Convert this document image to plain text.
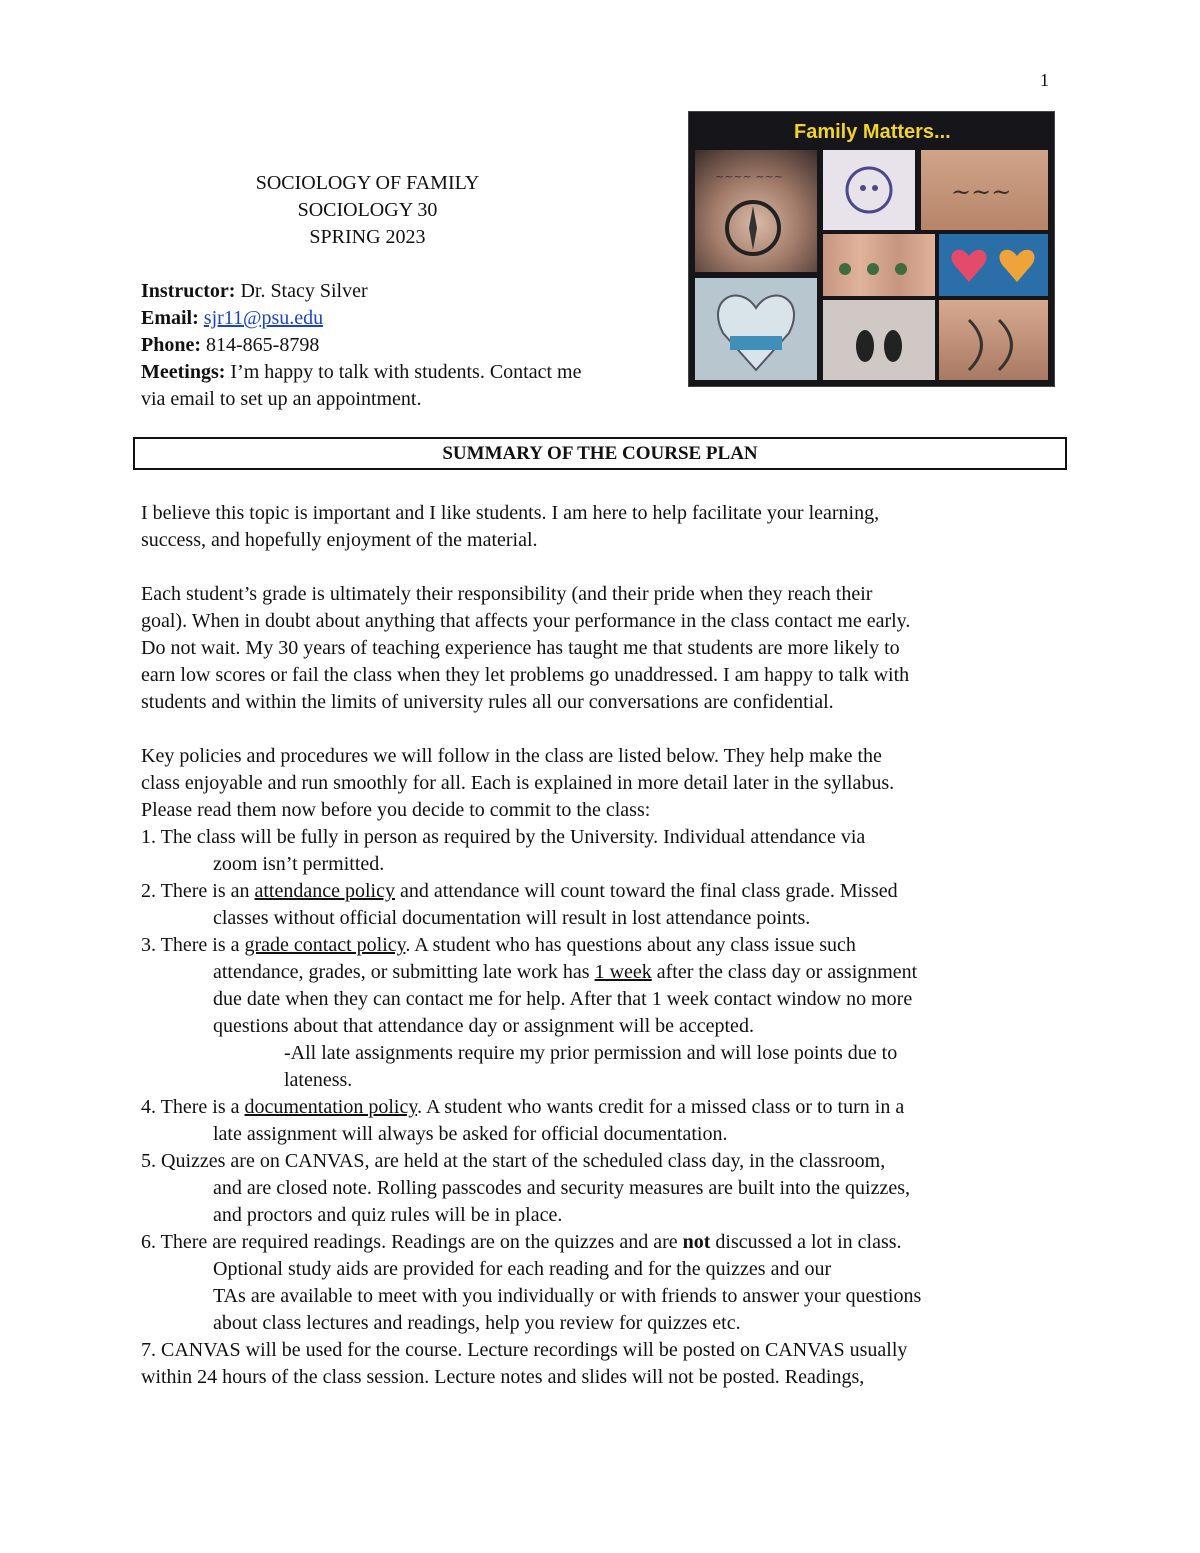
1
SOCIOLOGY OF FAMILY
SOCIOLOGY 30
SPRING 2023
Instructor: Dr. Stacy Silver
Email: sjr11@psu.edu
Phone: 814-865-8798
Meetings: I’m happy to talk with students. Contact me
via email to set up an appointment.
Family Matters...
~~~~ ~~~
~~~
SUMMARY OF THE COURSE PLAN

I believe this topic is important and I like students. I am here to help facilitate your learning,

success, and hopefully enjoyment of the material.

Each student’s grade is ultimately their responsibility (and their pride when they reach their

goal). When in doubt about anything that affects your performance in the class contact me early.

Do not wait. My 30 years of teaching experience has taught me that students are more likely to

earn low scores or fail the class when they let problems go unaddressed. I am happy to talk with

students and within the limits of university rules all our conversations are confidential.

Key policies and procedures we will follow in the class are listed below. They help make the

class enjoyable and run smoothly for all. Each is explained in more detail later in the syllabus.

Please read them now before you decide to commit to the class:

1. The class will be fully in person as required by the University. Individual attendance via

zoom isn’t permitted.

2. There is an attendance policy and attendance will count toward the final class grade. Missed

classes without official documentation will result in lost attendance points.

3. There is a grade contact policy. A student who has questions about any class issue such

attendance, grades, or submitting late work has 1 week after the class day or assignment

due date when they can contact me for help. After that 1 week contact window no more

questions about that attendance day or assignment will be accepted.

-All late assignments require my prior permission and will lose points due to

lateness.

4. There is a documentation policy. A student who wants credit for a missed class or to turn in a

late assignment will always be asked for official documentation.

5. Quizzes are on CANVAS, are held at the start of the scheduled class day, in the classroom,

and are closed note. Rolling passcodes and security measures are built into the quizzes,

and proctors and quiz rules will be in place.

6. There are required readings. Readings are on the quizzes and are not discussed a lot in class.

Optional study aids are provided for each reading and for the quizzes and our

TAs are available to meet with you individually or with friends to answer your questions

about class lectures and readings, help you review for quizzes etc.

7. CANVAS will be used for the course. Lecture recordings will be posted on CANVAS usually

within 24 hours of the class session. Lecture notes and slides will not be posted. Readings,
